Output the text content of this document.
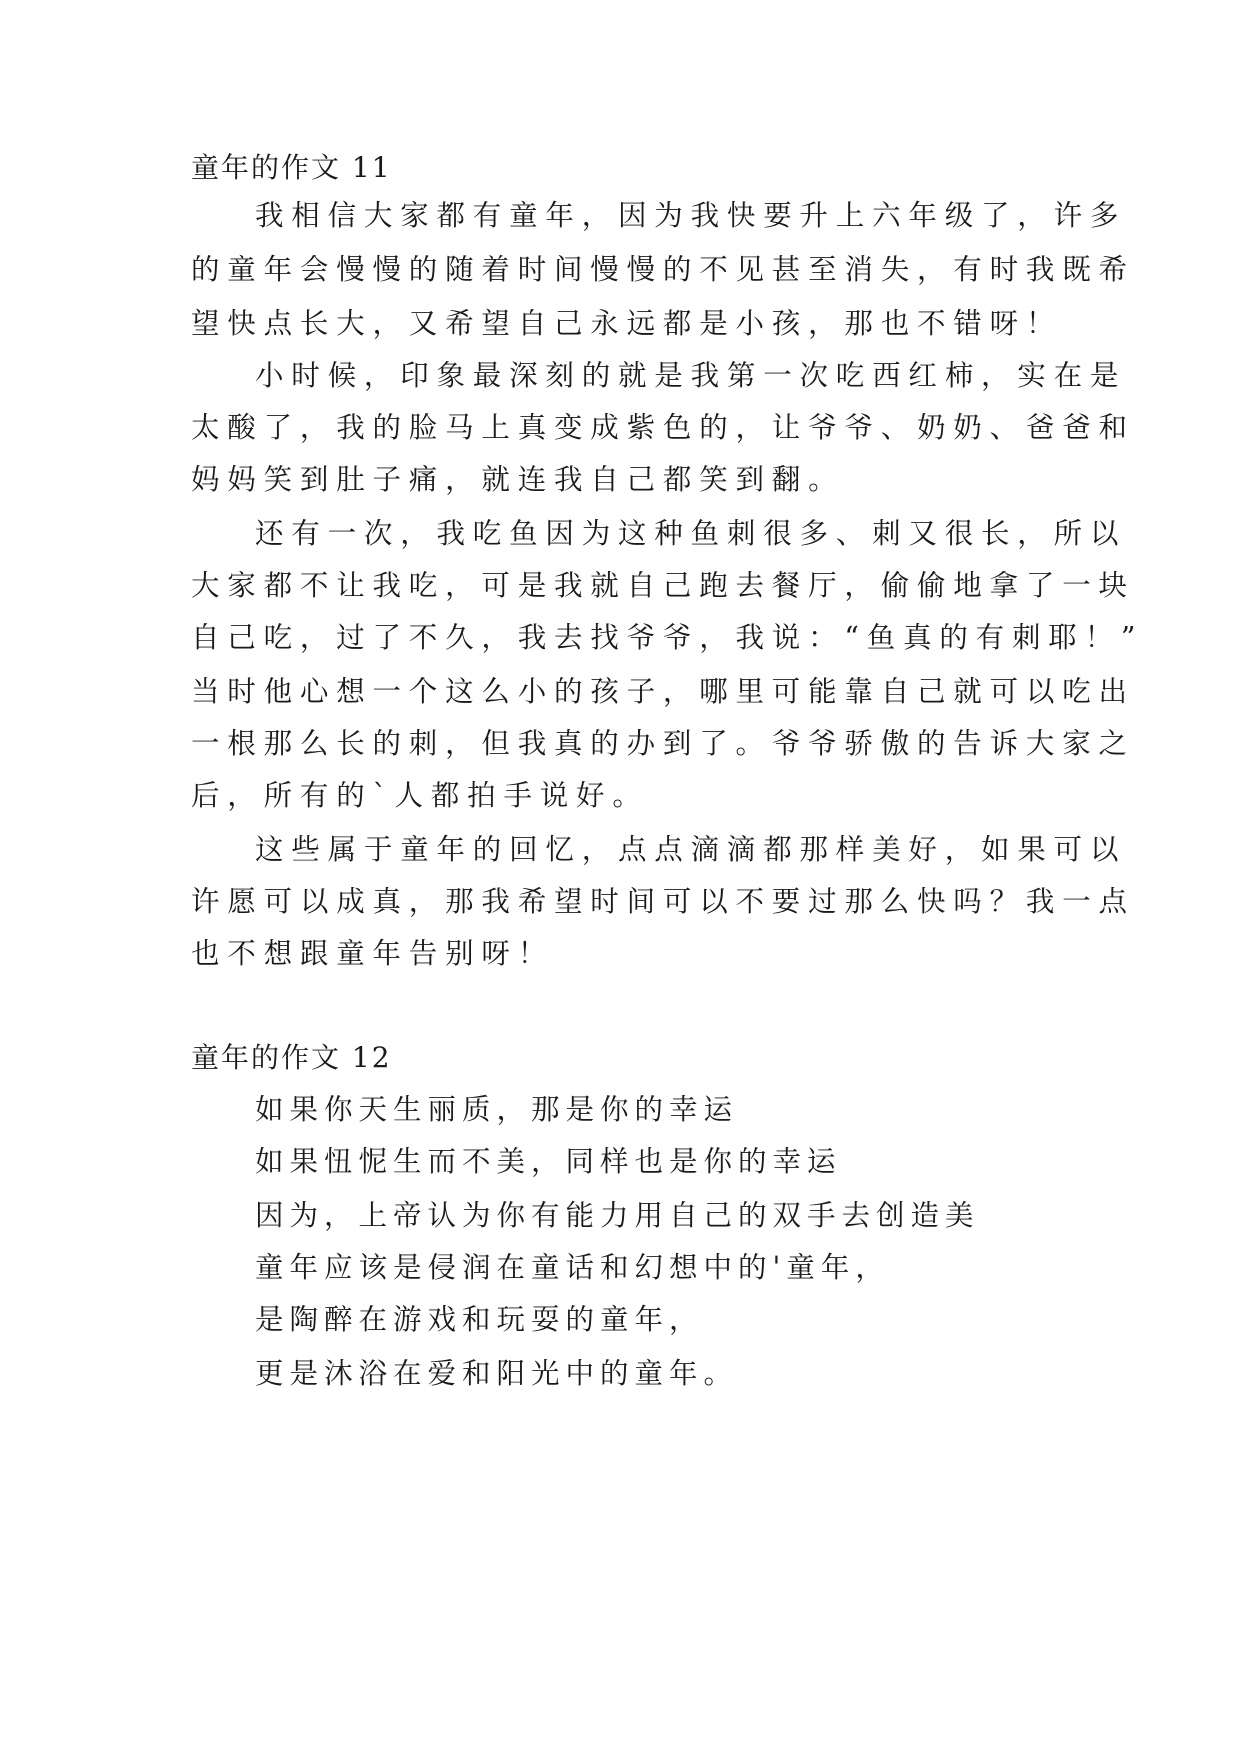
童年的作文 11
我相信大家都有童年，因为我快要升上六年级了，许多
的童年会慢慢的随着时间慢慢的不见甚至消失，有时我既希
望快点长大，又希望自己永远都是小孩，那也不错呀！
小时候，印象最深刻的就是我第一次吃西红柿，实在是
太酸了，我的脸马上真变成紫色的，让爷爷、奶奶、爸爸和
妈妈笑到肚子痛，就连我自己都笑到翻。
还有一次，我吃鱼因为这种鱼刺很多、刺又很长，所以
大家都不让我吃，可是我就自己跑去餐厅，偷偷地拿了一块
自己吃，过了不久，我去找爷爷，我说：“鱼真的有刺耶！”
当时他心想一个这么小的孩子，哪里可能靠自己就可以吃出
一根那么长的刺，但我真的办到了。爷爷骄傲的告诉大家之
后，所有的`人都拍手说好。
这些属于童年的回忆，点点滴滴都那样美好，如果可以
许愿可以成真，那我希望时间可以不要过那么快吗？我一点
也不想跟童年告别呀！
童年的作文 12
如果你天生丽质，那是你的幸运
如果忸怩生而不美，同样也是你的幸运
因为，上帝认为你有能力用自己的双手去创造美
童年应该是侵润在童话和幻想中的'童年，
是陶醉在游戏和玩耍的童年，
更是沐浴在爱和阳光中的童年。
